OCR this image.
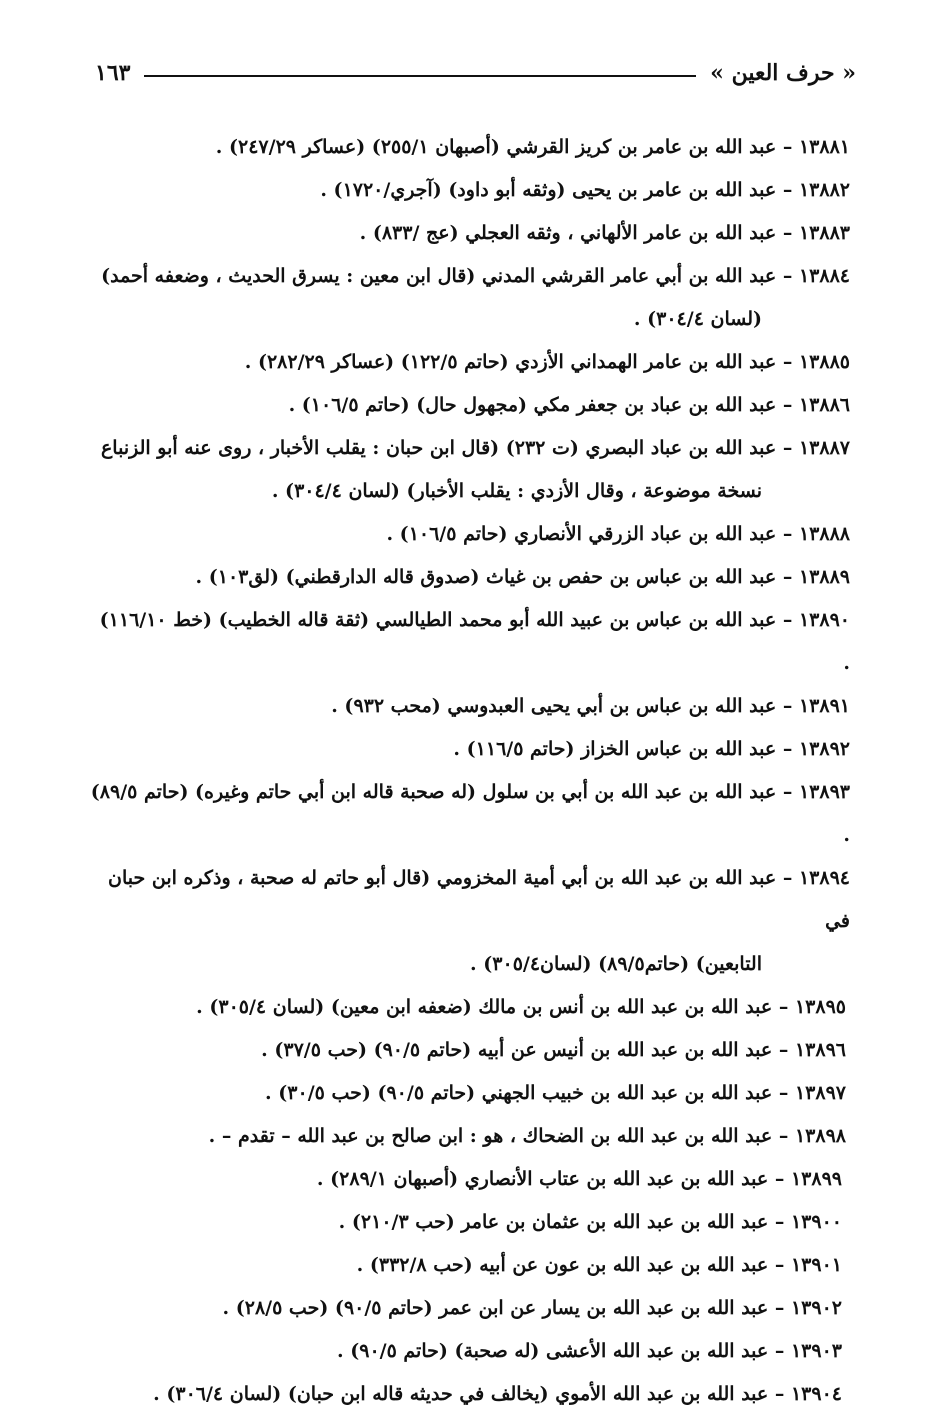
« حرف العين »
١٦٣

١٣٨٨١ – عبد الله بن عامر بن كريز القرشي (أصبهان ٢٥٥/١) (عساكر ٢٤٧/٢٩) .

١٣٨٨٢ – عبد الله بن عامر بن يحيى (وثقه أبو داود) (آجري/١٧٢٠) .

١٣٨٨٣ – عبد الله بن عامر الألهاني ، وثقه العجلي (عج /٨٣٣) .

١٣٨٨٤ – عبد الله بن أبي عامر القرشي المدني (قال ابن معين : يسرق الحديث ، وضعفه أحمد)
(لسان ٣٠٤/٤) .

١٣٨٨٥ – عبد الله بن عامر الهمداني الأزدي (حاتم ١٢٢/٥) (عساكر ٢٨٢/٢٩) .

١٣٨٨٦ – عبد الله بن عباد بن جعفر مكي (مجهول حال) (حاتم ١٠٦/٥) .

١٣٨٨٧ – عبد الله بن عباد البصري (ت ٢٣٢) (قال ابن حبان : يقلب الأخبار ، روى عنه أبو الزنباع
نسخة موضوعة ، وقال الأزدي : يقلب الأخبار) (لسان ٣٠٤/٤) .

١٣٨٨٨ – عبد الله بن عباد الزرقي الأنصاري (حاتم ١٠٦/٥) .

١٣٨٨٩ – عبد الله بن عباس بن حفص بن غياث (صدوق قاله الدارقطني) (لق١٠٣) .

١٣٨٩٠ – عبد الله بن عباس بن عبيد الله أبو محمد الطيالسي (ثقة قاله الخطيب) (خط ١١٦/١٠) .

١٣٨٩١ – عبد الله بن عباس بن أبي يحيى العبدوسي (محب ٩٣٢) .

١٣٨٩٢ – عبد الله بن عباس الخزاز (حاتم ١١٦/٥) .

١٣٨٩٣ – عبد الله بن عبد الله بن أبي بن سلول (له صحبة قاله ابن أبي حاتم وغيره) (حاتم ٨٩/٥) .

١٣٨٩٤ – عبد الله بن عبد الله بن أبي أمية المخزومي (قال أبو حاتم له صحبة ، وذكره ابن حبان في
التابعين) (حاتم٨٩/٥) (لسان٣٠٥/٤) .

١٣٨٩٥ – عبد الله بن عبد الله بن أنس بن مالك (ضعفه ابن معين) (لسان ٣٠٥/٤) .

١٣٨٩٦ – عبد الله بن عبد الله بن أنيس عن أبيه (حاتم ٩٠/٥) (حب ٣٧/٥) .

١٣٨٩٧ – عبد الله بن عبد الله بن خبيب الجهني (حاتم ٩٠/٥) (حب ٣٠/٥) .

١٣٨٩٨ – عبد الله بن عبد الله بن الضحاك ، هو : ابن صالح بن عبد الله – تقدم – .

١٣٨٩٩ – عبد الله بن عبد الله بن عتاب الأنصاري (أصبهان ٢٨٩/١) .

١٣٩٠٠ – عبد الله بن عبد الله بن عثمان بن عامر (حب ٢١٠/٣) .

١٣٩٠١ – عبد الله بن عبد الله بن عون عن أبيه (حب ٣٣٢/٨) .

١٣٩٠٢ – عبد الله بن عبد الله بن يسار عن ابن عمر (حاتم ٩٠/٥) (حب ٢٨/٥) .

١٣٩٠٣ – عبد الله بن عبد الله الأعشى (له صحبة) (حاتم ٩٠/٥) .

١٣٩٠٤ – عبد الله بن عبد الله الأموي (يخالف في حديثه قاله ابن حبان) (لسان ٣٠٦/٤) .
